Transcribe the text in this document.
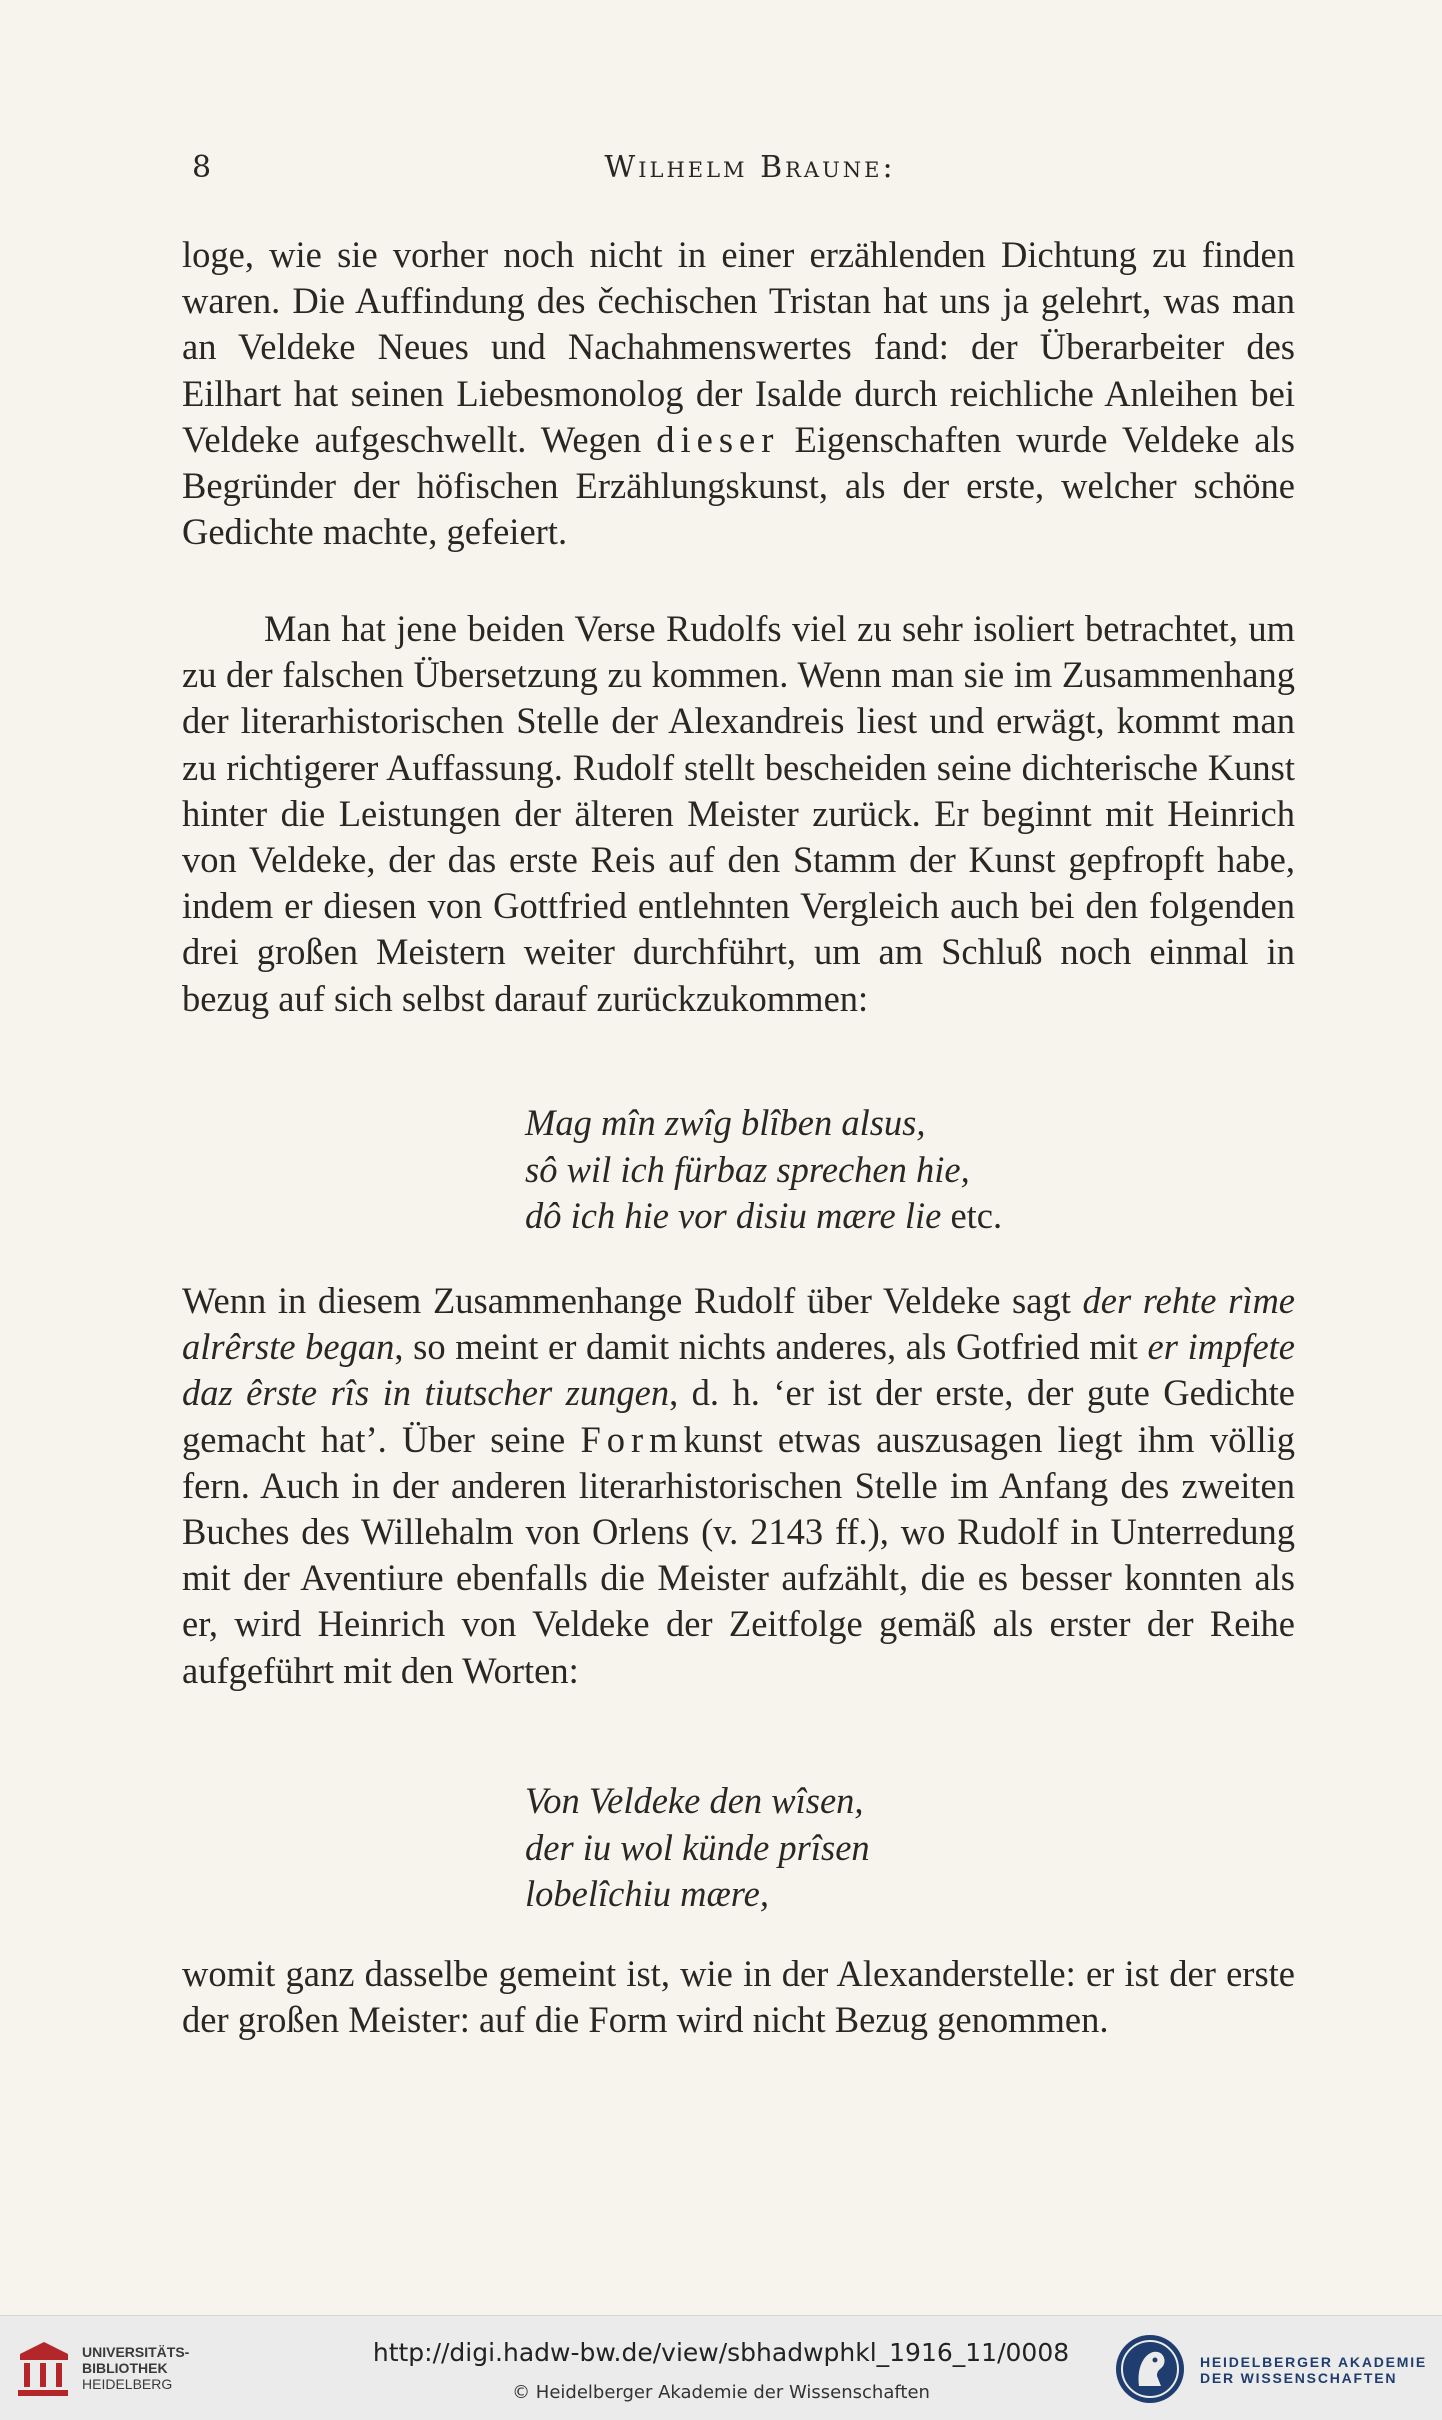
8	Wilhelm Braune:

loge, wie sie vorher noch nicht in einer erzählenden Dichtung zu finden waren. Die Auffindung des čechischen Tristan hat uns ja gelehrt, was man an Veldeke Neues und Nachahmenswertes fand: der Überarbeiter des Eilhart hat seinen Liebesmonolog der Isalde durch reichliche Anleihen bei Veldeke aufgeschwellt. Wegen dieser Eigenschaften wurde Veldeke als Begründer der höfischen Erzählungskunst, als der erste, welcher schöne Gedichte machte, gefeiert.

Man hat jene beiden Verse Rudolfs viel zu sehr isoliert betrachtet, um zu der falschen Übersetzung zu kommen. Wenn man sie im Zusammenhang der literarhistorischen Stelle der Alexandreis liest und erwägt, kommt man zu richtigerer Auffassung. Rudolf stellt bescheiden seine dichterische Kunst hinter die Leistungen der älteren Meister zurück. Er beginnt mit Heinrich von Veldeke, der das erste Reis auf den Stamm der Kunst gepfropft habe, indem er diesen von Gottfried entlehnten Vergleich auch bei den folgenden drei großen Meistern weiter durchführt, um am Schluß noch einmal in bezug auf sich selbst darauf zurückzukommen:

Mag mîn zwîg blîben alsus,
sô wil ich fürbaz sprechen hie,
dô ich hie vor disiu mære lie etc.

Wenn in diesem Zusammenhange Rudolf über Veldeke sagt der rehte rìme alrêrste began, so meint er damit nichts anderes, als Gotfried mit er impfete daz êrste rîs in tiutscher zungen, d. h. ‘er ist der erste, der gute Gedichte gemacht hat’. Über seine Formkunst etwas auszusagen liegt ihm völlig fern. Auch in der anderen literarhistorischen Stelle im Anfang des zweiten Buches des Willehalm von Orlens (v. 2143 ff.), wo Rudolf in Unterredung mit der Aventiure ebenfalls die Meister aufzählt, die es besser konnten als er, wird Heinrich von Veldeke der Zeitfolge gemäß als erster der Reihe aufgeführt mit den Worten:

Von Veldeke den wîsen,
der iu wol künde prîsen
lobelîchiu mære,

womit ganz dasselbe gemeint ist, wie in der Alexanderstelle: er ist der erste der großen Meister: auf die Form wird nicht Bezug genommen.

UNIVERSITÄTS-
BIBLIOTHEK
HEIDELBERG
http://digi.hadw-bw.de/view/sbhadwphkl_1916_11/0008
© Heidelberger Akademie der Wissenschaften
HEIDELBERGER AKADEMIE
DER WISSENSCHAFTEN
